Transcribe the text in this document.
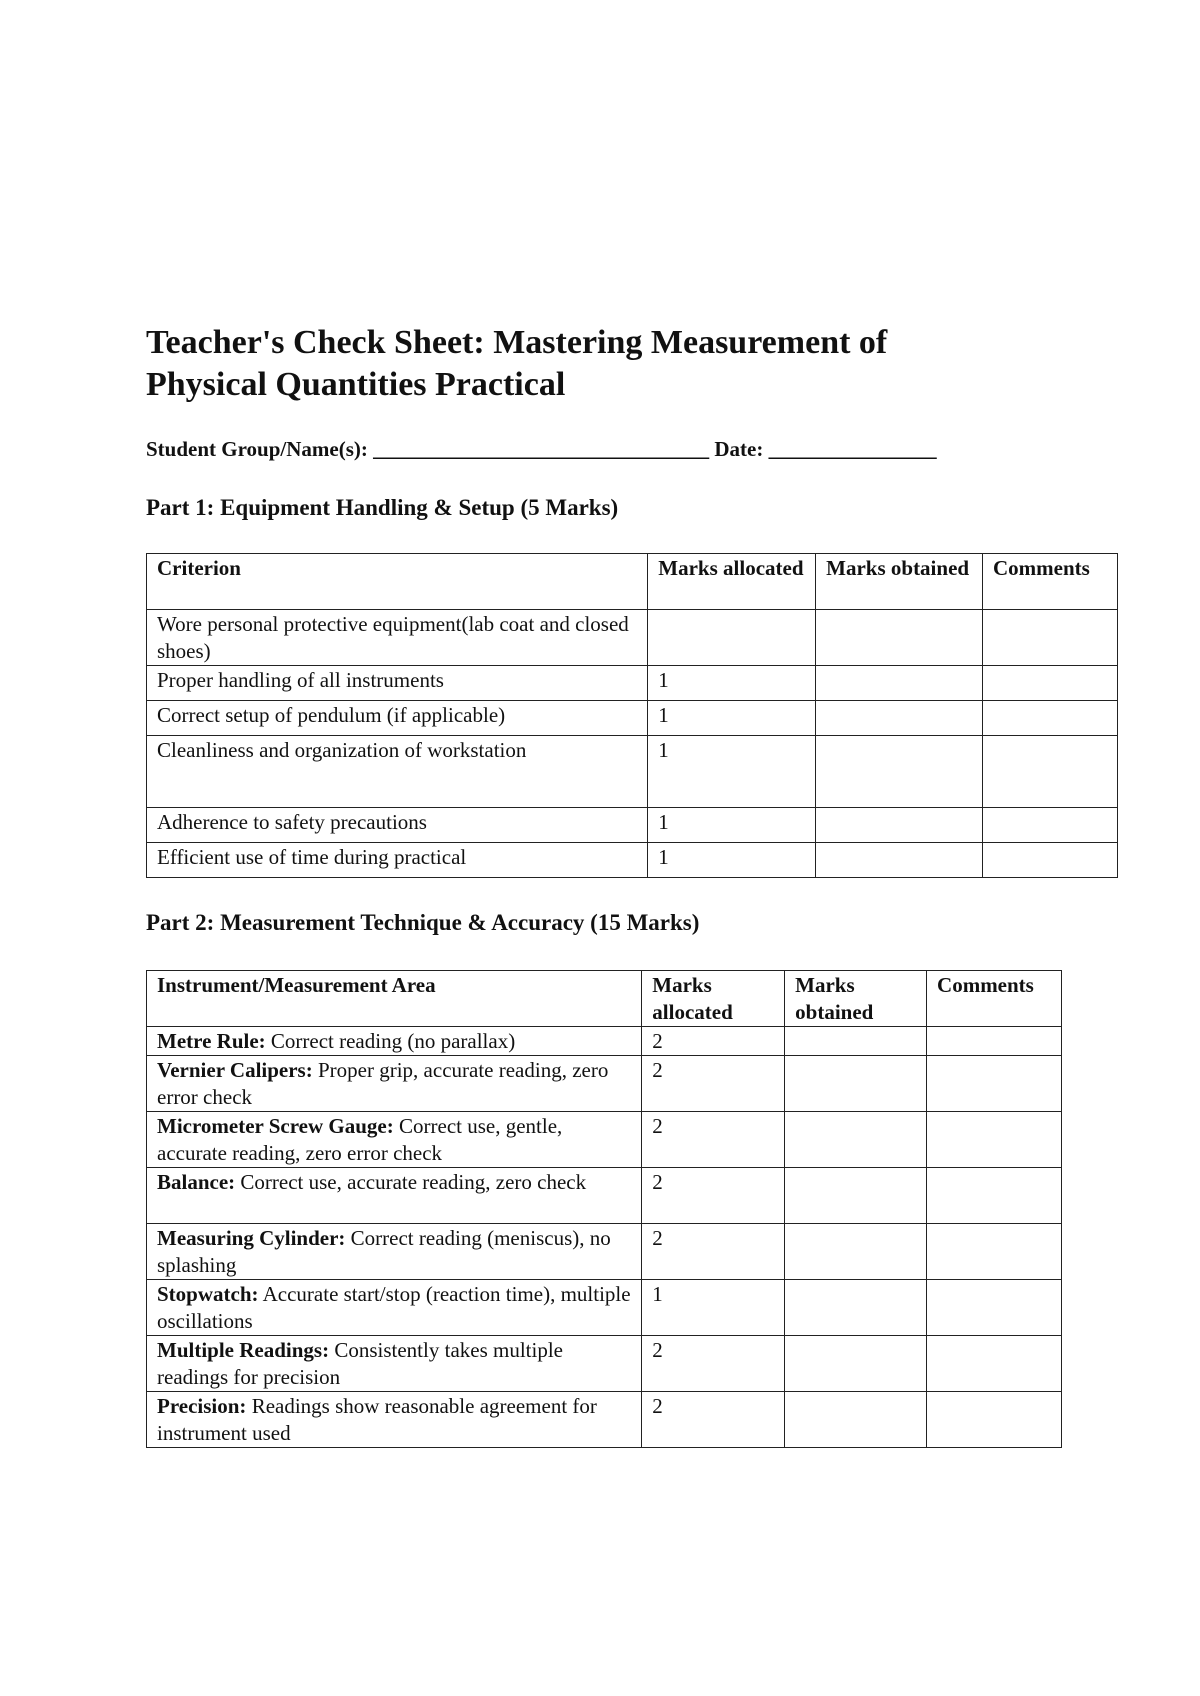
Teacher's Check Sheet: Mastering Measurement of
Physical Quantities Practical
Student Group/Name(s): ________________________________ Date: ________________
Part 1: Equipment Handling & Setup (5 Marks)
Criterion	Marks allocated	Marks obtained	Comments
Wore personal protective equipment(lab coat and closed shoes)			
Proper handling of all instruments	1		
Correct setup of pendulum (if applicable)	1		
Cleanliness and organization of workstation	1		
Adherence to safety precautions	1		
Efficient use of time during practical	1		
Part 2: Measurement Technique & Accuracy (15 Marks)
Instrument/Measurement Area	Marks allocated	Marks obtained	Comments
Metre Rule: Correct reading (no parallax)	2		
Vernier Calipers: Proper grip, accurate reading, zero error check	2		
Micrometer Screw Gauge: Correct use, gentle, accurate reading, zero error check	2		
Balance: Correct use, accurate reading, zero check	2		
Measuring Cylinder: Correct reading (meniscus), no splashing	2		
Stopwatch: Accurate start/stop (reaction time), multiple oscillations	1		
Multiple Readings: Consistently takes multiple readings for precision	2		
Precision: Readings show reasonable agreement for instrument used	2		
